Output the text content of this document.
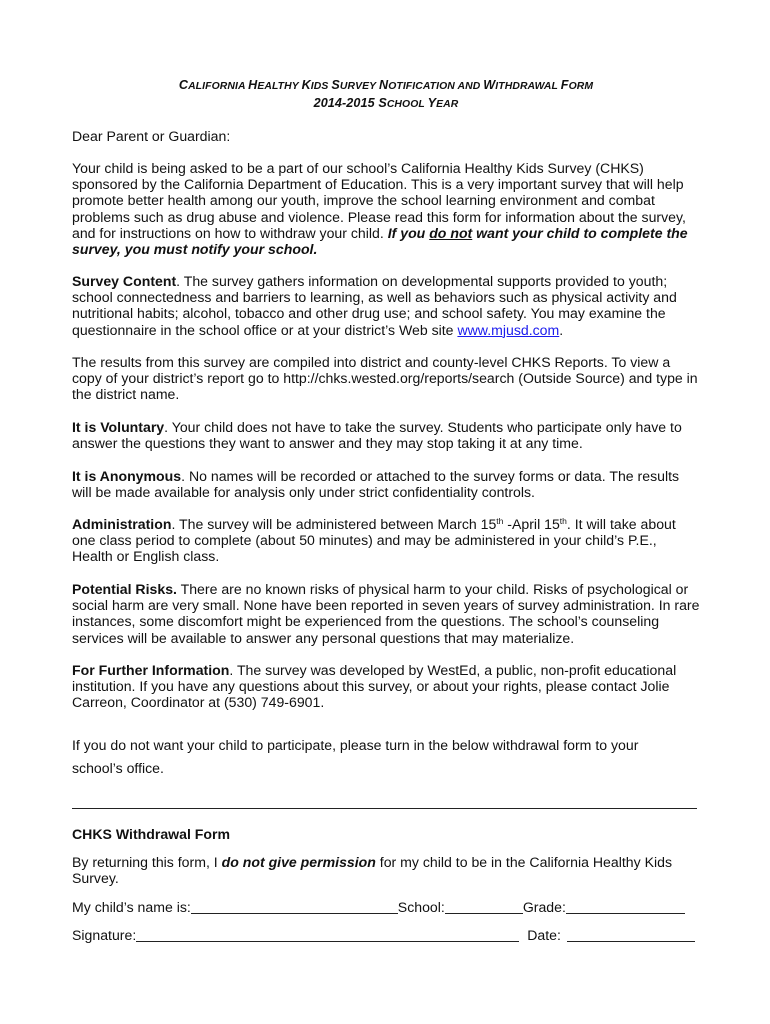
CALIFORNIA HEALTHY KIDS SURVEY NOTIFICATION AND WITHDRAWAL FORM
2014-2015 SCHOOL YEAR

Dear Parent or Guardian:

Your child is being asked to be a part of our school’s California Healthy Kids Survey (CHKS) sponsored by the California Department of Education. This is a very important survey that will help promote better health among our youth, improve the school learning environment and combat problems such as drug abuse and violence. Please read this form for information about the survey, and for instructions on how to withdraw your child. If you do not want your child to complete the survey, you must notify your school.

Survey Content. The survey gathers information on developmental supports provided to youth; school connectedness and barriers to learning, as well as behaviors such as physical activity and nutritional habits; alcohol, tobacco and other drug use; and school safety. You may examine the questionnaire in the school office or at your district’s Web site www.mjusd.com.

The results from this survey are compiled into district and county-level CHKS Reports. To view a copy of your district’s report go to http://chks.wested.org/reports/search (Outside Source) and type in the district name.

It is Voluntary. Your child does not have to take the survey. Students who participate only have to answer the questions they want to answer and they may stop taking it at any time.

It is Anonymous. No names will be recorded or attached to the survey forms or data. The results will be made available for analysis only under strict confidentiality controls.

Administration. The survey will be administered between March 15th -April 15th. It will take about one class period to complete (about 50 minutes) and may be administered in your child’s P.E., Health or English class.

Potential Risks. There are no known risks of physical harm to your child. Risks of psychological or social harm are very small. None have been reported in seven years of survey administration. In rare instances, some discomfort might be experienced from the questions. The school’s counseling services will be available to answer any personal questions that may materialize.

For Further Information. The survey was developed by WestEd, a public, non-profit educational institution. If you have any questions about this survey, or about your rights, please contact Jolie Carreon, Coordinator at (530) 749-6901.

If you do not want your child to participate, please turn in the below withdrawal form to your school’s office.

CHKS Withdrawal Form

By returning this form, I do not give permission for my child to be in the California Healthy Kids Survey.

My child’s name is:	School:	Grade:
Signature:	Date:
